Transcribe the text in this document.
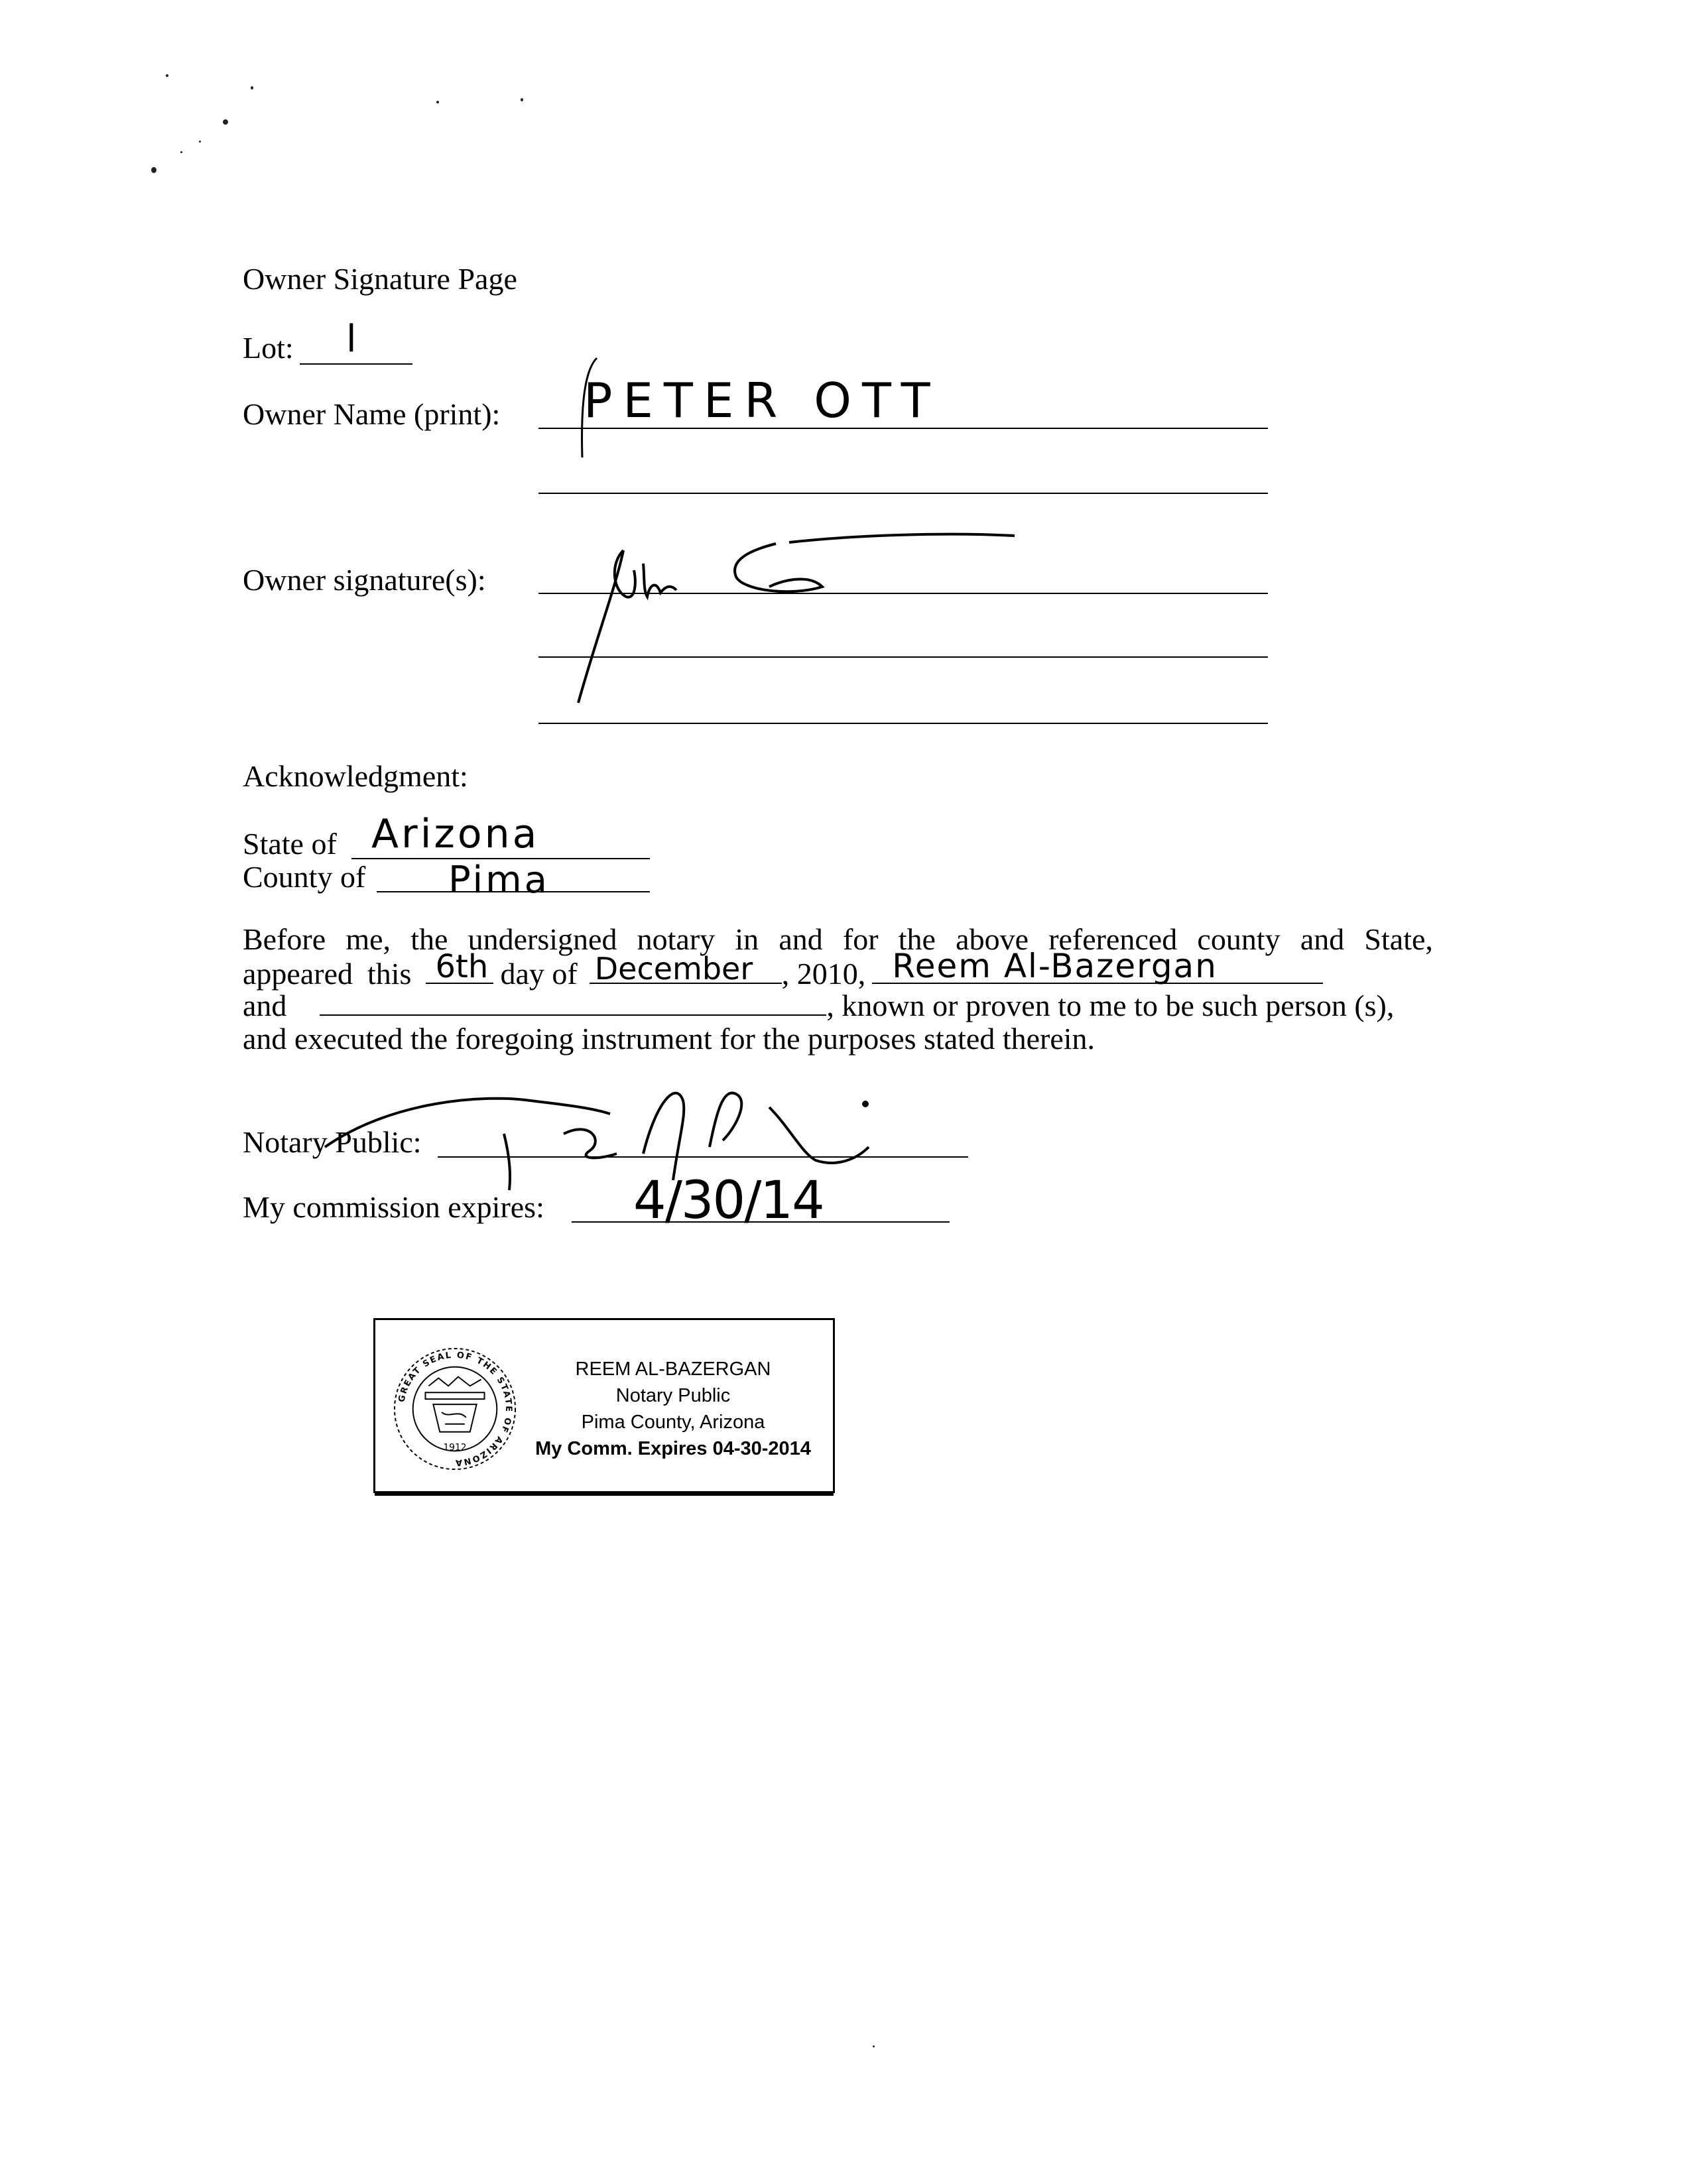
Owner Signature Page
Lot: l
Owner Name (print): PETER OTT
Owner signature(s):
Acknowledgment:
State of Arizona
County of Pima
Before me, the undersigned notary in and for the above referenced county and State,
appeared this 6th day of December , 2010, Reem Al-Bazergan
and	, known or proven to me to be such person (s),
and executed the foregoing instrument for the purposes stated therein.
Notary Public:
My commission expires: 4/30/14
GREAT SEAL OF THE STATE OF ARIZONA
1912
REEM AL-BAZERGAN
Notary Public
Pima County, Arizona
My Comm. Expires 04-30-2014
